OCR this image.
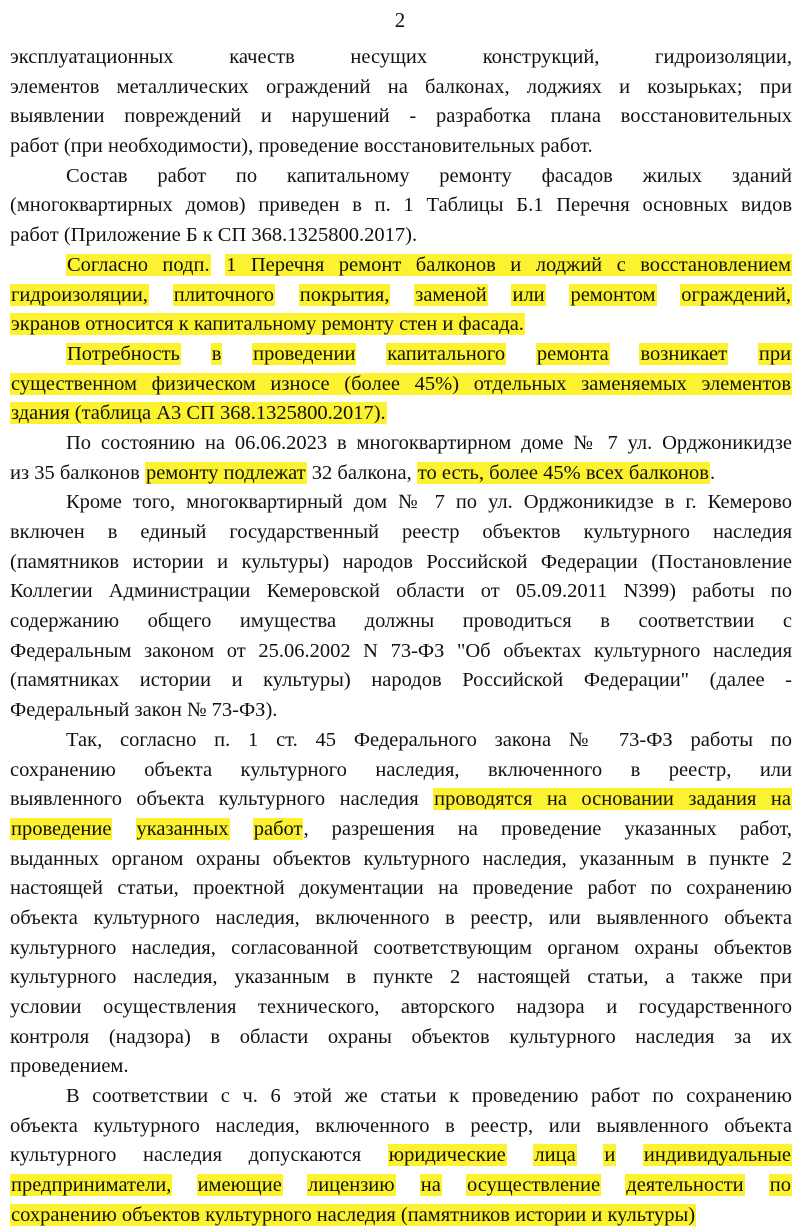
2
эксплуатационных качеств несущих конструкций, гидроизоляции,
элементов металлических ограждений на балконах, лоджиях и козырьках; при
выявлении повреждений и нарушений - разработка плана восстановительных
работ (при необходимости), проведение восстановительных работ.
Состав работ по капитальному ремонту фасадов жилых зданий
(многоквартирных домов) приведен в п. 1 Таблицы Б.1 Перечня основных видов
работ (Приложение Б к СП 368.1325800.2017).
Согласно подп. 1 Перечня ремонт балконов и лоджий с восстановлением
гидроизоляции, плиточного покрытия, заменой или ремонтом ограждений,
экранов относится к капитальному ремонту стен и фасада.
Потребность в проведении капитального ремонта возникает при
существенном физическом износе (более 45%) отдельных заменяемых элементов
здания (таблица А3 СП 368.1325800.2017).
По состоянию на 06.06.2023 в многоквартирном доме № 7 ул. Орджоникидзе
из 35 балконов ремонту подлежат 32 балкона, то есть, более 45% всех балконов.
Кроме того, многоквартирный дом № 7 по ул. Орджоникидзе в г. Кемерово
включен в единый государственный реестр объектов культурного наследия
(памятников истории и культуры) народов Российской Федерации (Постановление
Коллегии Администрации Кемеровской области от 05.09.2011 N399) работы по
содержанию общего имущества должны проводиться в соответствии с
Федеральным законом от 25.06.2002 N 73-ФЗ "Об объектах культурного наследия
(памятниках истории и культуры) народов Российской Федерации" (далее -
Федеральный закон № 73-ФЗ).
Так, согласно п. 1 ст. 45 Федерального закона № 73-ФЗ работы по
сохранению объекта культурного наследия, включенного в реестр, или
выявленного объекта культурного наследия проводятся на основании задания на
проведение указанных работ, разрешения на проведение указанных работ,
выданных органом охраны объектов культурного наследия, указанным в пункте 2
настоящей статьи, проектной документации на проведение работ по сохранению
объекта культурного наследия, включенного в реестр, или выявленного объекта
культурного наследия, согласованной соответствующим органом охраны объектов
культурного наследия, указанным в пункте 2 настоящей статьи, а также при
условии осуществления технического, авторского надзора и государственного
контроля (надзора) в области охраны объектов культурного наследия за их
проведением.
В соответствии с ч. 6 этой же статьи к проведению работ по сохранению
объекта культурного наследия, включенного в реестр, или выявленного объекта
культурного наследия допускаются юридические лица и индивидуальные
предприниматели, имеющие лицензию на осуществление деятельности по
сохранению объектов культурного наследия (памятников истории и культуры)
